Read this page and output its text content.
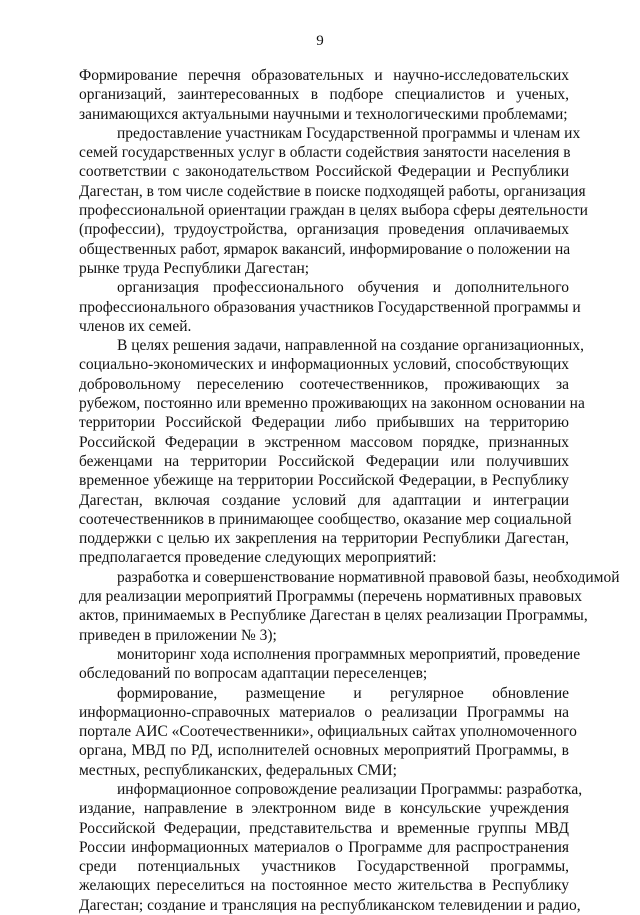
9
Формирование перечня образовательных и научно-исследовательских
организаций, заинтересованных в подборе специалистов и ученых,
занимающихся актуальными научными и технологическими проблемами;
предоставление участникам Государственной программы и членам их
семей государственных услуг в области содействия занятости населения в
соответствии с законодательством Российской Федерации и Республики
Дагестан, в том числе содействие в поиске подходящей работы, организация
профессиональной ориентации граждан в целях выбора сферы деятельности
(профессии), трудоустройства, организация проведения оплачиваемых
общественных работ, ярмарок вакансий, информирование о положении на
рынке труда Республики Дагестан;
организация профессионального обучения и дополнительного
профессионального образования участников Государственной программы и
членов их семей.
В целях решения задачи, направленной на создание организационных,
социально-экономических и информационных условий, способствующих
добровольному переселению соотечественников, проживающих за
рубежом, постоянно или временно проживающих на законном основании на
территории Российской Федерации либо прибывших на территорию
Российской Федерации в экстренном массовом порядке, признанных
беженцами на территории Российской Федерации или получивших
временное убежище на территории Российской Федерации, в Республику
Дагестан, включая создание условий для адаптации и интеграции
соотечественников в принимающее сообщество, оказание мер социальной
поддержки с целью их закрепления на территории Республики Дагестан,
предполагается проведение следующих мероприятий:
разработка и совершенствование нормативной правовой базы, необходимой
для реализации мероприятий Программы (перечень нормативных правовых
актов, принимаемых в Республике Дагестан в целях реализации Программы,
приведен в приложении № 3);
мониторинг хода исполнения программных мероприятий, проведение
обследований по вопросам адаптации переселенцев;
формирование, размещение и регулярное обновление
информационно-справочных материалов о реализации Программы на
портале АИС «Соотечественники», официальных сайтах уполномоченного
органа, МВД по РД, исполнителей основных мероприятий Программы, в
местных, республиканских, федеральных СМИ;
информационное сопровождение реализации Программы: разработка,
издание, направление в электронном виде в консульские учреждения
Российской Федерации, представительства и временные группы МВД
России информационных материалов о Программе для распространения
среди потенциальных участников Государственной программы,
желающих переселиться на постоянное место жительства в Республику
Дагестан; создание и трансляция на республиканском телевидении и радио,
